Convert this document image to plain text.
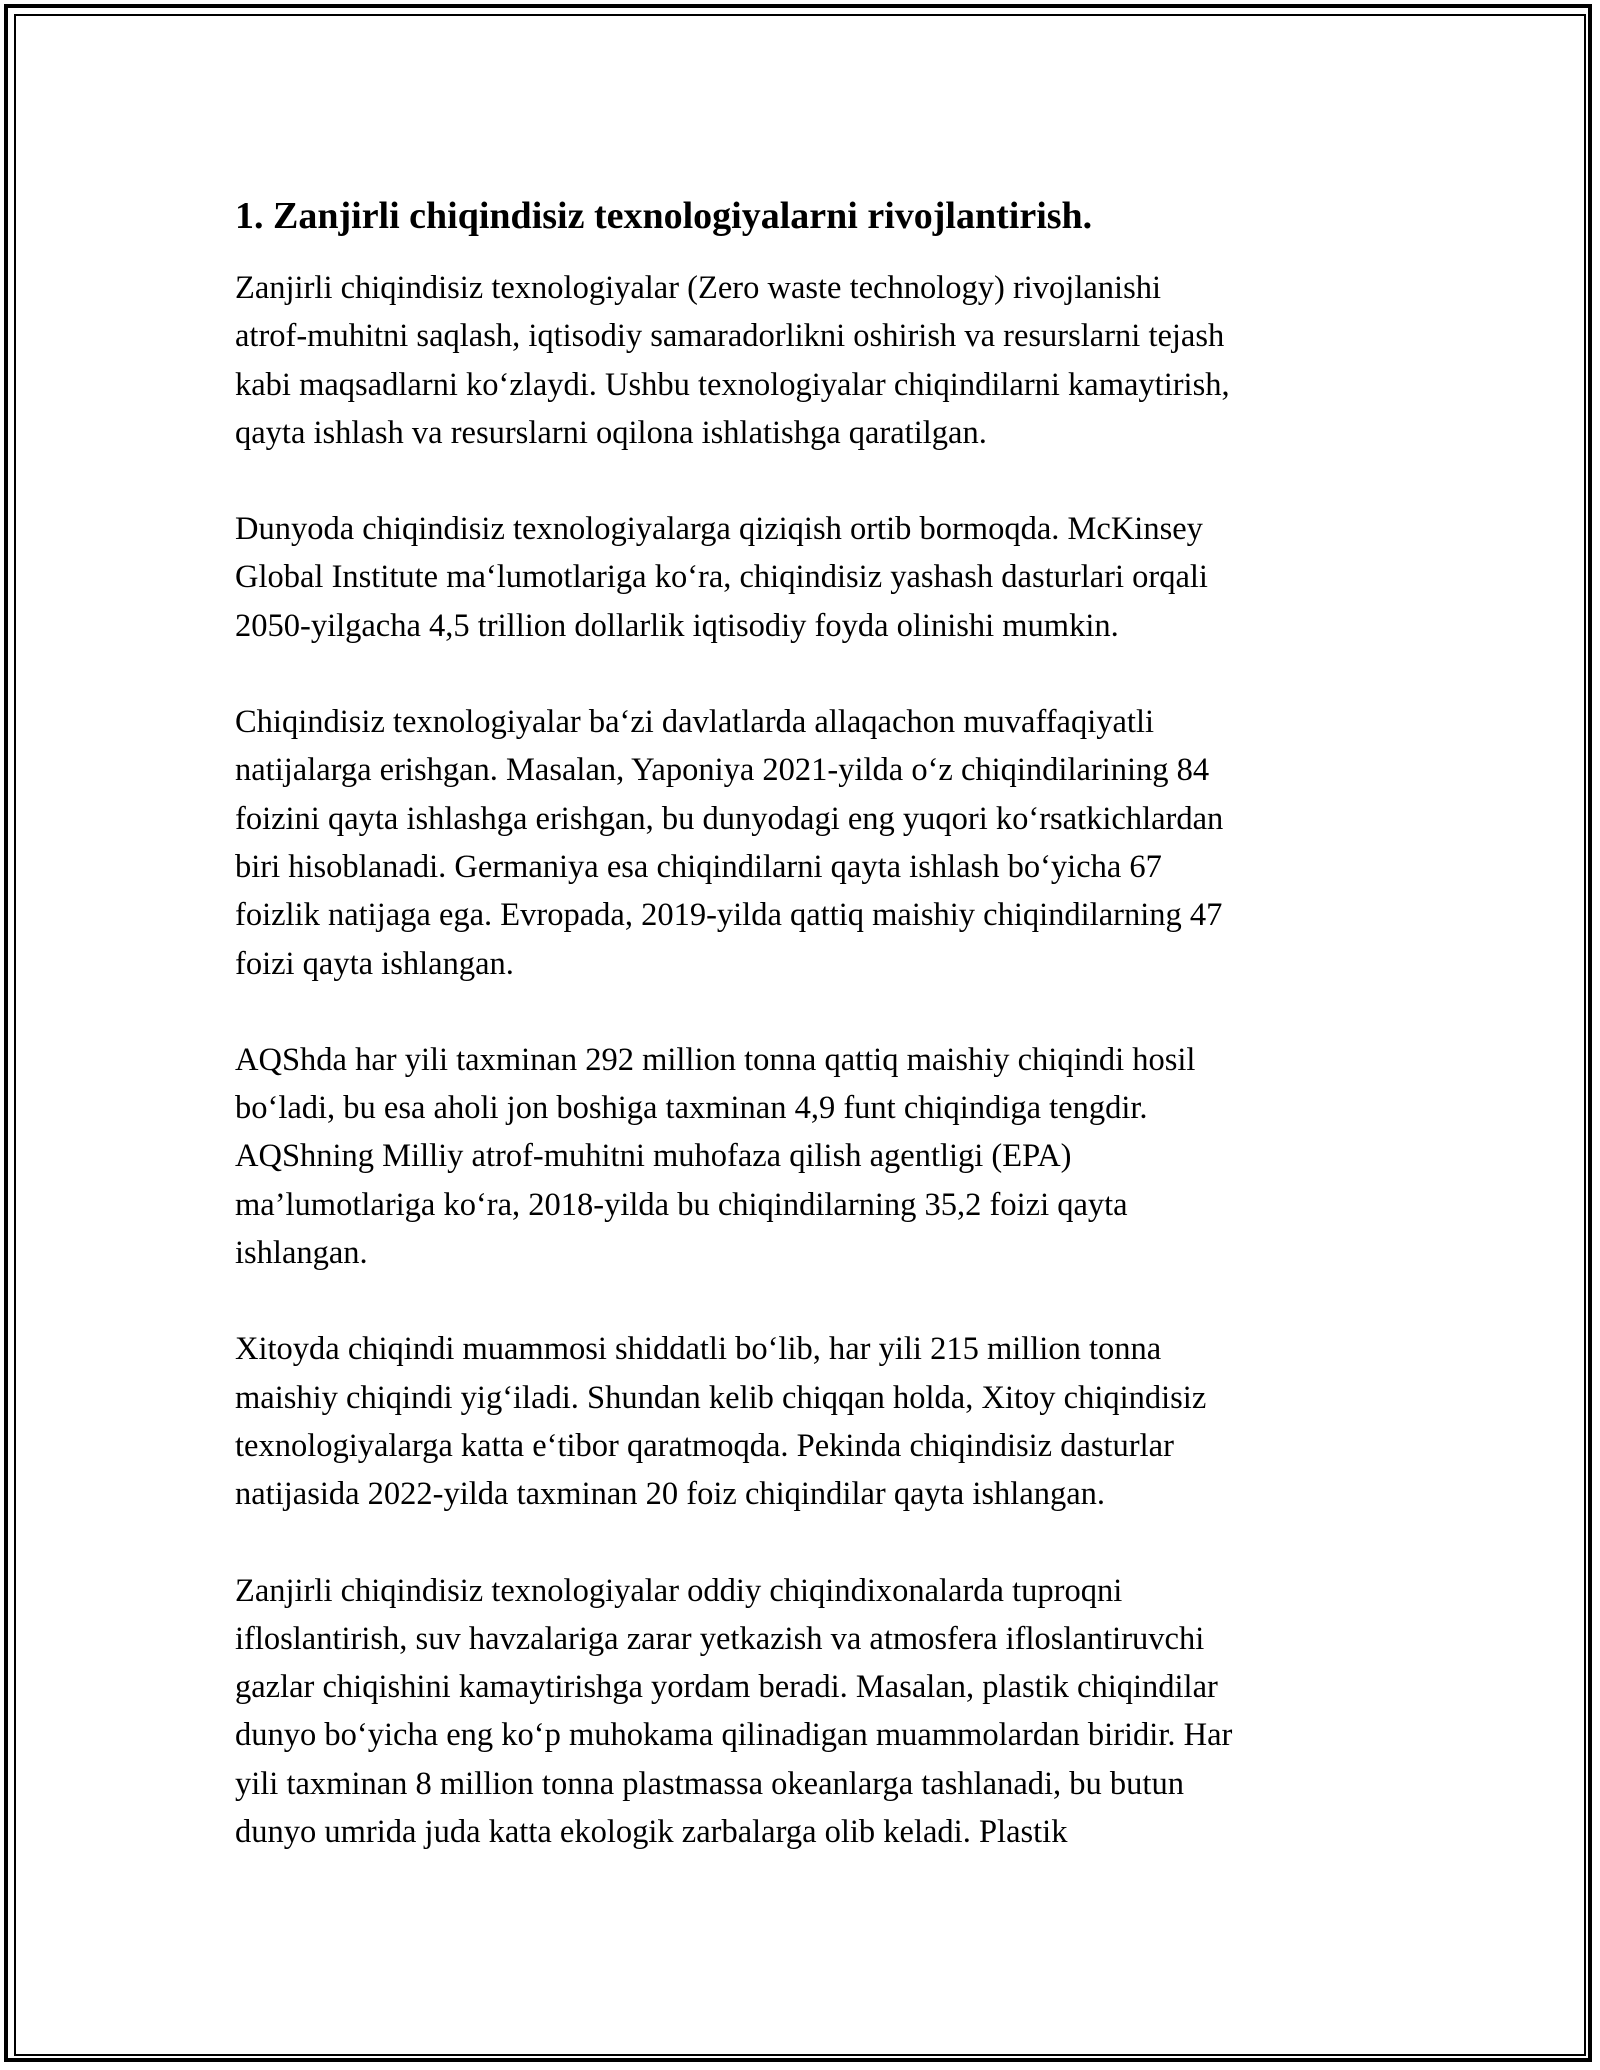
1. Zanjirli chiqindisiz texnologiyalarni rivojlantirish.
Zanjirli chiqindisiz texnologiyalar (Zero waste technology) rivojlanishi
atrof-muhitni saqlash, iqtisodiy samaradorlikni oshirish va resurslarni tejash
kabi maqsadlarni ko‘zlaydi. Ushbu texnologiyalar chiqindilarni kamaytirish,
qayta ishlash va resurslarni oqilona ishlatishga qaratilgan.
Dunyoda chiqindisiz texnologiyalarga qiziqish ortib bormoqda. McKinsey
Global Institute ma‘lumotlariga ko‘ra, chiqindisiz yashash dasturlari orqali
2050-yilgacha 4,5 trillion dollarlik iqtisodiy foyda olinishi mumkin.
Chiqindisiz texnologiyalar ba‘zi davlatlarda allaqachon muvaffaqiyatli
natijalarga erishgan. Masalan, Yaponiya 2021-yilda o‘z chiqindilarining 84
foizini qayta ishlashga erishgan, bu dunyodagi eng yuqori ko‘rsatkichlardan
biri hisoblanadi. Germaniya esa chiqindilarni qayta ishlash bo‘yicha 67
foizlik natijaga ega. Evropada, 2019-yilda qattiq maishiy chiqindilarning 47
foizi qayta ishlangan.
AQShda har yili taxminan 292 million tonna qattiq maishiy chiqindi hosil
bo‘ladi, bu esa aholi jon boshiga taxminan 4,9 funt chiqindiga tengdir.
AQShning Milliy atrof-muhitni muhofaza qilish agentligi (EPA)
ma’lumotlariga ko‘ra, 2018-yilda bu chiqindilarning 35,2 foizi qayta
ishlangan.
Xitoyda chiqindi muammosi shiddatli bo‘lib, har yili 215 million tonna
maishiy chiqindi yig‘iladi. Shundan kelib chiqqan holda, Xitoy chiqindisiz
texnologiyalarga katta e‘tibor qaratmoqda. Pekinda chiqindisiz dasturlar
natijasida 2022-yilda taxminan 20 foiz chiqindilar qayta ishlangan.
Zanjirli chiqindisiz texnologiyalar oddiy chiqindixonalarda tuproqni
ifloslantirish, suv havzalariga zarar yetkazish va atmosfera ifloslantiruvchi
gazlar chiqishini kamaytirishga yordam beradi. Masalan, plastik chiqindilar
dunyo bo‘yicha eng ko‘p muhokama qilinadigan muammolardan biridir. Har
yili taxminan 8 million tonna plastmassa okeanlarga tashlanadi, bu butun
dunyo umrida juda katta ekologik zarbalarga olib keladi. Plastik
